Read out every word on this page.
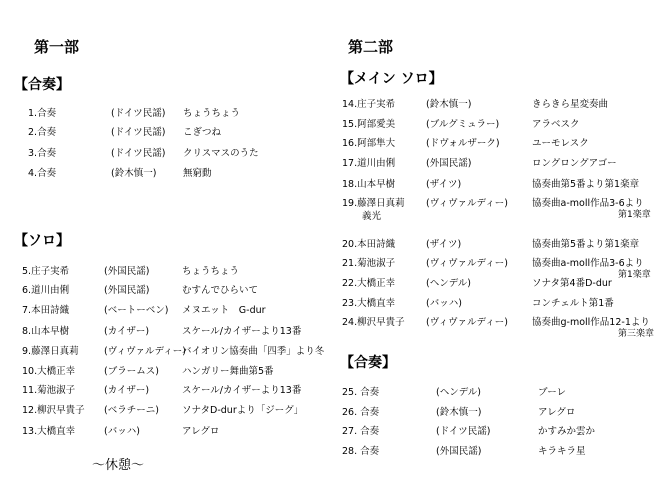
第一部
【合奏】
1.合奏	(ドイツ民謡) ちょうちょう
2.合奏	(ドイツ民謡) こぎつね
3.合奏	(ドイツ民謡) クリスマスのうた
4.合奏	(鈴木慎一)	無窮動
【ソロ】
5.庄子実希	(外国民謡)	ちょうちょう
6.道川由俐	(外国民謡)	むすんでひらいて
7.本田詩織	(ベートーベン) メヌエット　G-dur
8.山本早樹	(カイザー)	スケール/カイザーより13番
9.藤澤日真莉	(ヴィヴァルディー)
バイオリン協奏曲「四季」より冬
10.大橋正幸	(ブラームス) ハンガリー舞曲第5番
11.菊池淑子	(カイザー)	スケール/カイザーより13番
12.柳沢早貴子 (ベラチーニ) ソナタD-durより「ジーグ」
13.大橋直幸	(バッハ)	アレグロ
～休憩～
第二部
【メイン ソロ】
14.庄子実希	(鈴木慎一)	きらきら星変奏曲
15.阿部愛美	(ブルグミュラー)	アラベスク
16.阿部隼大	(ドヴォルザーク)	ユーモレスク
17.道川由俐	(外国民謡)	ロングロングアゴー
18.山本早樹	(ザイツ)	協奏曲第5番より第1楽章
19.藤澤日真莉 (ヴィヴァルディー)	協奏曲a-moll作品3-6より
義光	第1楽章
20.本田詩織	(ザイツ)	協奏曲第5番より第1楽章
21.菊池淑子	(ヴィヴァルディー)	協奏曲a-moll作品3-6より
第1楽章
22.大橋正幸	(ヘンデル)	ソナタ第4番D-dur
23.大橋直幸	(バッハ)	コンチェルト第1番
24.柳沢早貴子 (ヴィヴァルディー)	協奏曲g-moll作品12-1より
第三楽章
【合奏】
25. 合奏	(ヘンデル)	ブーレ
26. 合奏	(鈴木慎一)	アレグロ
27. 合奏	(ドイツ民謡)	かすみか雲か
28. 合奏	(外国民謡)	キラキラ星
